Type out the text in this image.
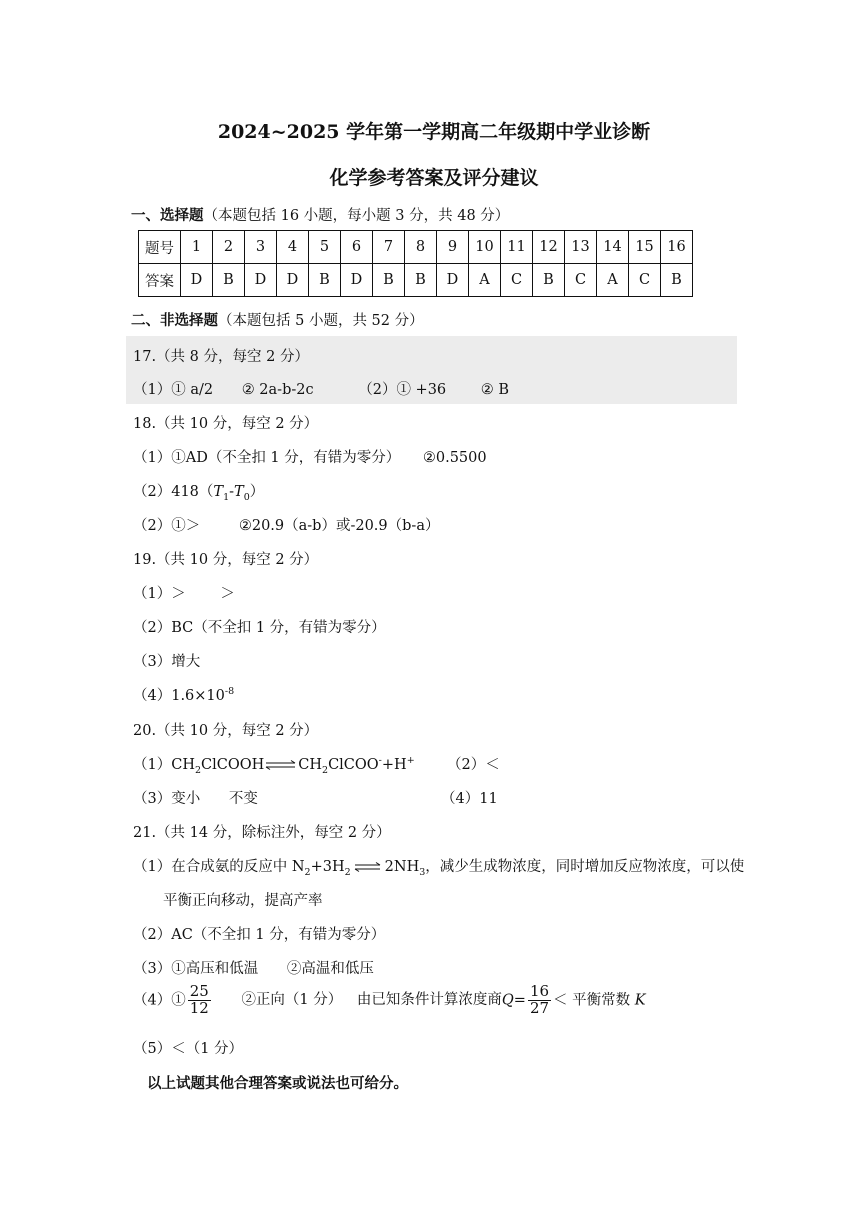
2024~2025 学年第一学期高二年级期中学业诊断
化学参考答案及评分建议
一、选择题（本题包括 16 小题，每小题 3 分，共 48 分）
题号	1	2	3	4	5	6	7	8	9	10	11	12	13	14	15	16
答案	D	B	D	D	B	D	B	B	D	A	C	B	C	A	C	B
二、非选择题（本题包括 5 小题，共 52 分）
17.（共 8 分，每空 2 分）
（1）① a/2 ② 2a-b-2c	（2）① +36 ② B
18.（共 10 分，每空 2 分）
（1）①AD（不全扣 1 分，有错为零分） ②0.5500
$(2)418(T_1-T_0)$
（2）①＞	②20.9（a-b）或-20.9（b-a）
19.（共 10 分，每空 2 分）
（1）＞ ＞
（2）BC（不全扣 1 分，有错为零分）
（3）增大
$(4)1.6\times 10^{-8}$
20.（共 10 分，每空 2 分）
$(1)CH_2ClCOOH\rightleftharpoons CH_2ClCOO^-+H^+$ （2）＜
（3）变小 不变	（4）11
21.（共 14 分，除标注外，每空 2 分）
（1）在合成氨的反应中 $N_2+3H_2\rightleftharpoons 2NH_3$，减少生成物浓度，同时增加反应物浓度，可以使
平衡正向移动，提高产率
（2）AC（不全扣 1 分，有错为零分）
（3）①高压和低温 ②高温和低压
（4）① $\frac{25}{12}$ ②正向（1 分） 由已知条件计算浓度商$Q= \frac{16}{27}$ ＜ 平衡常数 K
（5）＜（1 分）
以上试题其他合理答案或说法也可给分。
